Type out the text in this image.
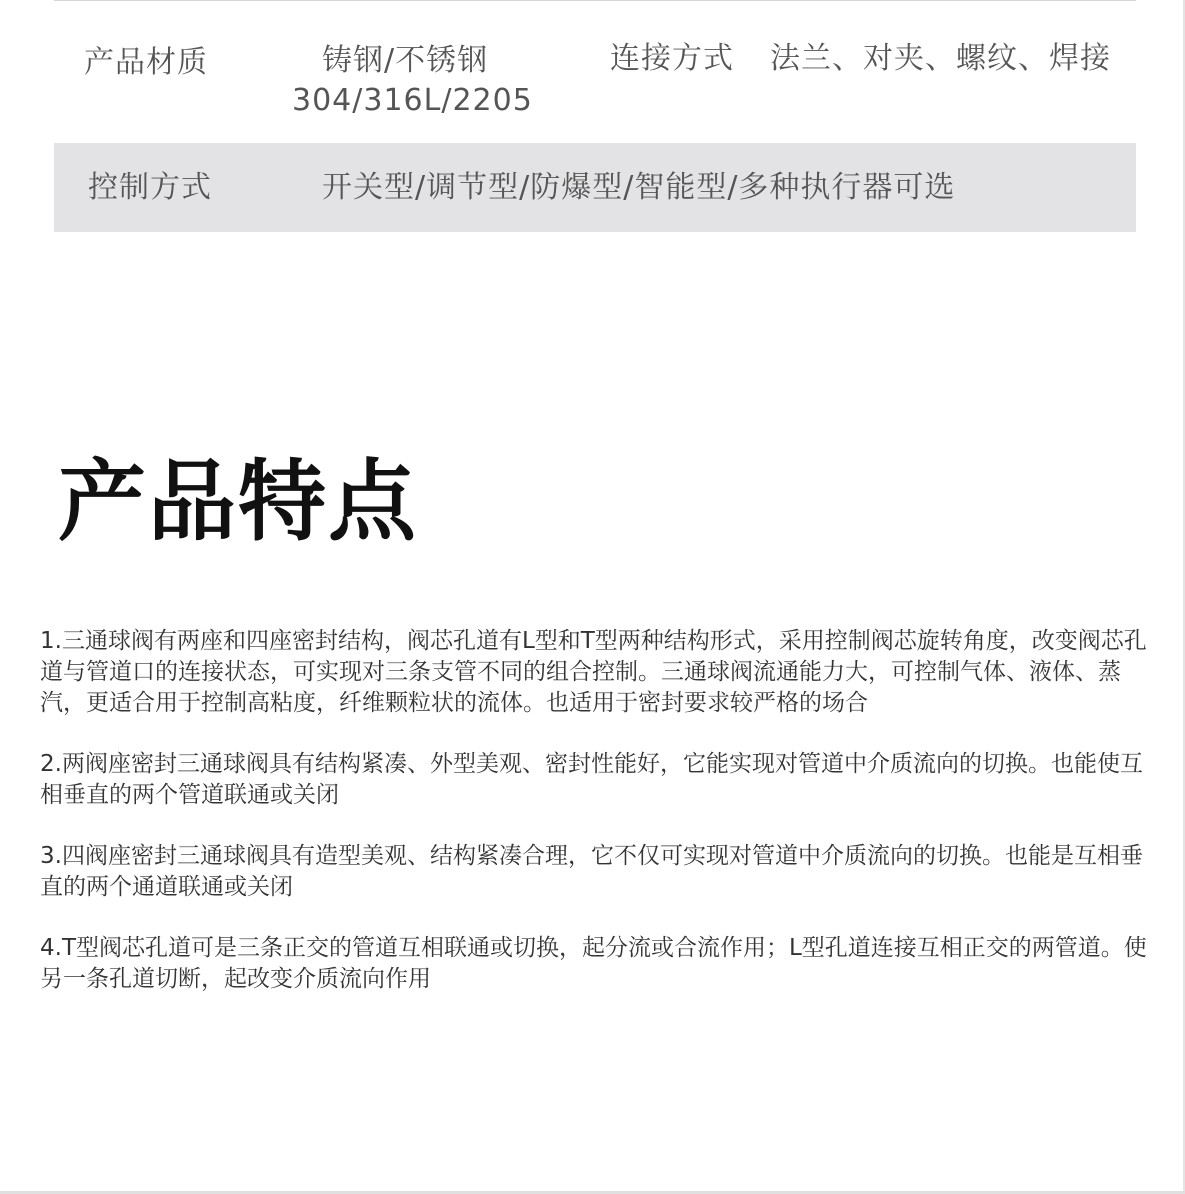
产品材质	铸钢/不锈钢
304/316L/2205
连接方式 法兰、对夹、螺纹、焊接
控制方式	开关型/调节型/防爆型/智能型/多种执行器可选
产品特点

1.三通球阀有两座和四座密封结构，阀芯孔道有L型和T型两种结构形式，采用控制阀芯旋转角度，改变阀芯孔道与管道口的连接状态，可实现对三条支管不同的组合控制。三通球阀流通能力大，可控制气体、液体、蒸汽，更适合用于控制高粘度，纤维颗粒状的流体。也适用于密封要求较严格的场合

2.两阀座密封三通球阀具有结构紧凑、外型美观、密封性能好，它能实现对管道中介质流向的切换。也能使互相垂直的两个管道联通或关闭

3.四阀座密封三通球阀具有造型美观、结构紧凑合理，它不仅可实现对管道中介质流向的切换。也能是互相垂直的两个通道联通或关闭

4.T型阀芯孔道可是三条正交的管道互相联通或切换，起分流或合流作用；L型孔道连接互相正交的两管道。使另一条孔道切断，起改变介质流向作用
